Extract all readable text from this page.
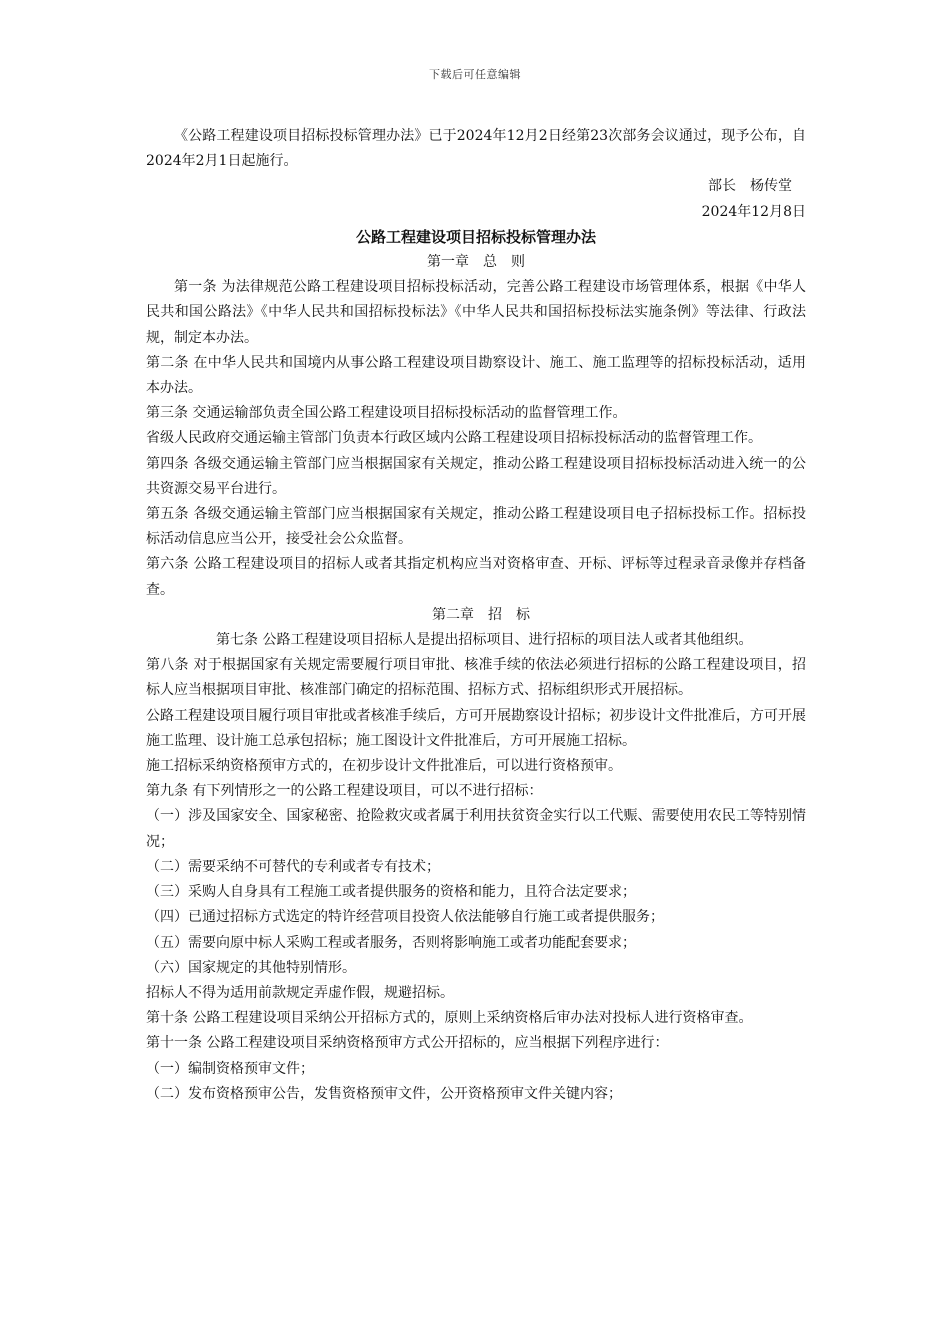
下载后可任意编辑

《公路工程建设项目招标投标管理办法》已于2024年12月2日经第23次部务会议通过，现予公布，自2024年2月1日起施行。

部长　杨传堂

2024年12月8日

公路工程建设项目招标投标管理办法

第一章　总　则

第一条 为法律规范公路工程建设项目招标投标活动，完善公路工程建设市场管理体系，根据《中华人民共和国公路法》《中华人民共和国招标投标法》《中华人民共和国招标投标法实施条例》等法律、行政法规，制定本办法。

第二条 在中华人民共和国境内从事公路工程建设项目勘察设计、施工、施工监理等的招标投标活动，适用本办法。

第三条 交通运输部负责全国公路工程建设项目招标投标活动的监督管理工作。

省级人民政府交通运输主管部门负责本行政区域内公路工程建设项目招标投标活动的监督管理工作。

第四条 各级交通运输主管部门应当根据国家有关规定，推动公路工程建设项目招标投标活动进入统一的公共资源交易平台进行。

第五条 各级交通运输主管部门应当根据国家有关规定，推动公路工程建设项目电子招标投标工作。招标投标活动信息应当公开，接受社会公众监督。

第六条 公路工程建设项目的招标人或者其指定机构应当对资格审查、开标、评标等过程录音录像并存档备查。

第二章　招　标

第七条 公路工程建设项目招标人是提出招标项目、进行招标的项目法人或者其他组织。

第八条 对于根据国家有关规定需要履行项目审批、核准手续的依法必须进行招标的公路工程建设项目，招标人应当根据项目审批、核准部门确定的招标范围、招标方式、招标组织形式开展招标。

公路工程建设项目履行项目审批或者核准手续后，方可开展勘察设计招标；初步设计文件批准后，方可开展施工监理、设计施工总承包招标；施工图设计文件批准后，方可开展施工招标。

施工招标采纳资格预审方式的，在初步设计文件批准后，可以进行资格预审。

第九条 有下列情形之一的公路工程建设项目，可以不进行招标：

（一）涉及国家安全、国家秘密、抢险救灾或者属于利用扶贫资金实行以工代赈、需要使用农民工等特别情况；

（二）需要采纳不可替代的专利或者专有技术；

（三）采购人自身具有工程施工或者提供服务的资格和能力，且符合法定要求；

（四）已通过招标方式选定的特许经营项目投资人依法能够自行施工或者提供服务；

（五）需要向原中标人采购工程或者服务，否则将影响施工或者功能配套要求；

（六）国家规定的其他特别情形。

招标人不得为适用前款规定弄虚作假，规避招标。

第十条 公路工程建设项目采纳公开招标方式的，原则上采纳资格后审办法对投标人进行资格审查。

第十一条 公路工程建设项目采纳资格预审方式公开招标的，应当根据下列程序进行：

（一）编制资格预审文件；

（二）发布资格预审公告，发售资格预审文件，公开资格预审文件关键内容；
